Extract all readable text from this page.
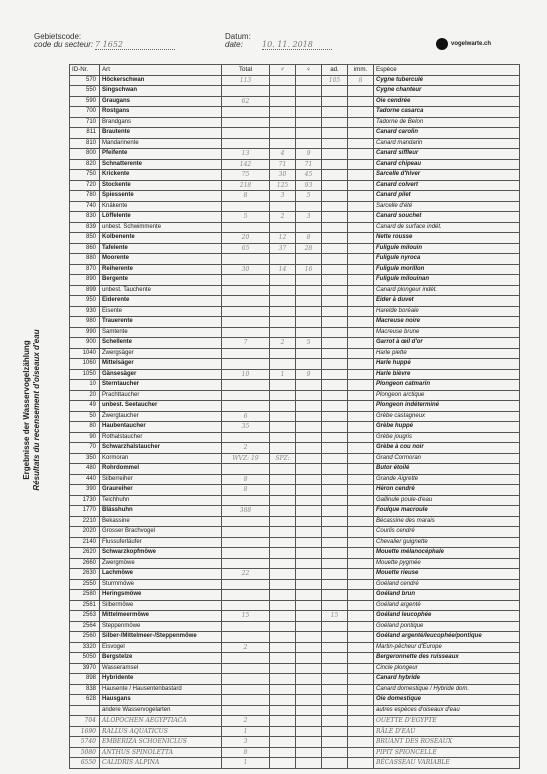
Gebietscode:
code du secteur: 7 1652
Datum:
date:	10. 11. 2018	vogelwarte.ch
Ergebnisse der Wasservogelzählung Résultats du recensement d'oiseaux d'eau
ID-Nr.	Art	Total	♂	♀	ad.	imm.	Espèce
570	Höckerschwan	113			105	8	Cygne tuberculé
550	Singschwan						Cygne chanteur
590	Graugans	62					Oie cendrée
700	Rostgans						Tadorne casarca
710	Brandgans						Tadorne de Belon
811	Brautente						Canard carolin
810	Mandarinente						Canard mandarin
800	Pfeifente	13	4	9			Canard siffleur
820	Schnatterente	142	71	71			Canard chipeau
750	Krickente	75	30	45			Sarcelle d'hiver
720	Stockente	218	125	93			Canard colvert
780	Spiessente	8	3	5			Canard pilet
740	Knäkente						Sarcelle d'été
830	Löffelente	5	2	3			Canard souchet
839	unbest. Schwimmente						Canard de surface indét.
850	Kolbenente	20	12	8			Nette rousse
860	Tafelente	65	37	28			Fuligule milouin
880	Moorente						Fuligule nyroca
870	Reiherente	30	14	16			Fuligule morillon
890	Bergente						Fuligule milouinan
899	unbest. Tauchente						Canard plongeur indét.
950	Eiderente						Eider à duvet
930	Eisente						Harelde boréale
980	Trauerente						Macreuse noire
990	Samtente						Macreuse brune
900	Schellente	7	2	5			Garrot à œil d'or
1040	Zwergsäger						Harle piette
1060	Mittelsäger						Harle huppé
1050	Gänsesäger	10	1	9			Harle bièvre
10	Sterntaucher						Plongeon catmarin
20	Prachttaucher						Plongeon arctique
49	unbest. Seetaucher						Plongeon indéterminé
50	Zwergtaucher	6					Grèbe castagneux
80	Haubentaucher	35					Grèbe huppé
90	Rothalstaucher						Grèbe jougris
70	Schwarzhalstaucher	2					Grèbe à cou noir
350	Kormoran	WVZ: 19	SPZ:				Grand Cormoran
480	Rohrdommel						Butor étoilé
440	Silberreiher	8					Grande Aigrette
390	Graureiher	8					Héron cendré
1730	Teichhuhn						Gallinule poule-d'eau
1770	Blässhuhn	388					Foulque macroule
2210	Bekassine						Bécassine des marais
2020	Grosser Brachvogel						Courlis cendré
2140	Flussuferläufer						Chevalier guignette
2620	Schwarzkopfmöwe						Mouette mélanocéphale
2660	Zwergmöwe						Mouette pygmée
2630	Lachmöwe	22					Mouette rieuse
2550	Sturmmöwe						Goéland cendré
2580	Heringsmöwe						Goéland brun
2561	Silbermöwe						Goéland argenté
2563	Mittelmeermöwe	15			15		Goéland leucophée
2564	Steppenmöwe						Goéland pontique
2560	Silber-/Mittelmeer-/Steppenmöwe						Goéland argenté/leucophée/pontique
3320	Eisvogel	2					Martin-pêcheur d'Europe
5050	Bergstelze						Bergeronnette des ruisseaux
3970	Wasseramsel						Cincle plongeur
898	Hybridente						Canard hybride
838	Hausente / Hausentenbastard						Canard domestique / Hybride dom.
628	Hausgans						Oie domestique
	andere Wasservogelarten						autres espèces d'oiseaux d'eau
704	ALOPOCHEN AEGYPTIACA	2					OUETTE D'EGYPTE
1690	RALLUS AQUATICUS	1					RÂLE D'EAU
5740	EMBERIZA SCHOENICLUS	3					BRUANT DES ROSEAUX
5080	ANTHUS SPINOLETTA	8					PIPIT SPIONCELLE
6550	CALIDRIS ALPINA	1					BÉCASSEAU VARIABLE
